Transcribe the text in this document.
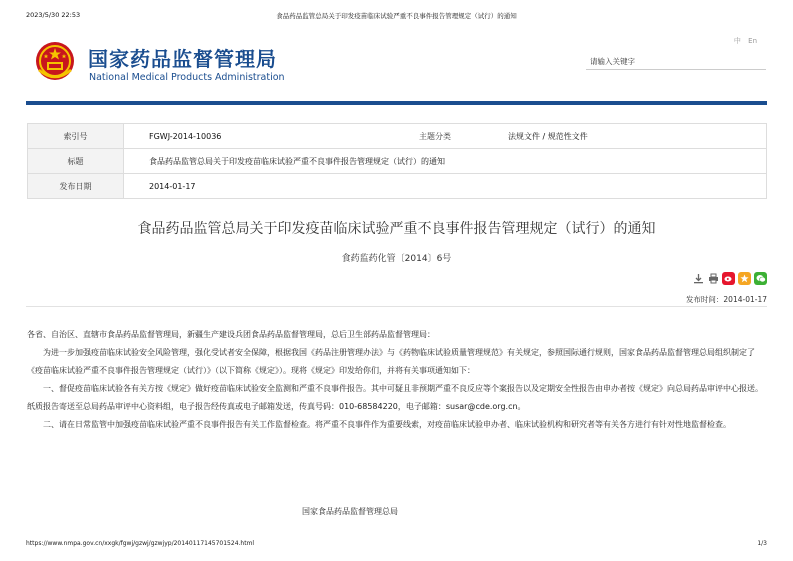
2023/5/30 22:53	食品药品监管总局关于印发疫苗临床试验严重不良事件报告管理规定（试行）的通知
国家药品监督管理局
National Medical Products Administration
中 En
请输入关键字
索引号	FGWJ-2014-10036	主题分类	法规文件 / 规范性文件
标题	食品药品监管总局关于印发疫苗临床试验严重不良事件报告管理规定（试行）的通知		
发布日期	2014-01-17		
食品药品监管总局关于印发疫苗临床试验严重不良事件报告管理规定（试行）的通知
食药监药化管〔2014〕6号
发布时间：2014-01-17

各省、自治区、直辖市食品药品监督管理局，新疆生产建设兵团食品药品监督管理局，总后卫生部药品监督管理局：

为进一步加强疫苗临床试验安全风险管理，强化受试者安全保障，根据我国《药品注册管理办法》与《药物临床试验质量管理规范》有关规定，参照国际通行规则，国家食品药品监督管理总局组织制定了《疫苗临床试验严重不良事件报告管理规定（试行）》（以下简称《规定》）。现将《规定》印发给你们，并将有关事项通知如下：

一、督促疫苗临床试验各有关方按《规定》做好疫苗临床试验安全监测和严重不良事件报告。其中可疑且非预期严重不良反应等个案报告以及定期安全性报告由申办者按《规定》向总局药品审评中心报送。纸质报告寄送至总局药品审评中心资料组，电子报告经传真或电子邮箱发送，传真号码：010-68584220，电子邮箱：susar@cde.org.cn。

二、请在日常监管中加强疫苗临床试验严重不良事件报告有关工作监督检查。将严重不良事件作为重要线索，对疫苗临床试验申办者、临床试验机构和研究者等有关各方进行有针对性地监督检查。

国家食品药品监督管理总局
https://www.nmpa.gov.cn/xxgk/fgwj/gzwj/gzwjyp/20140117145701524.html	1/3
